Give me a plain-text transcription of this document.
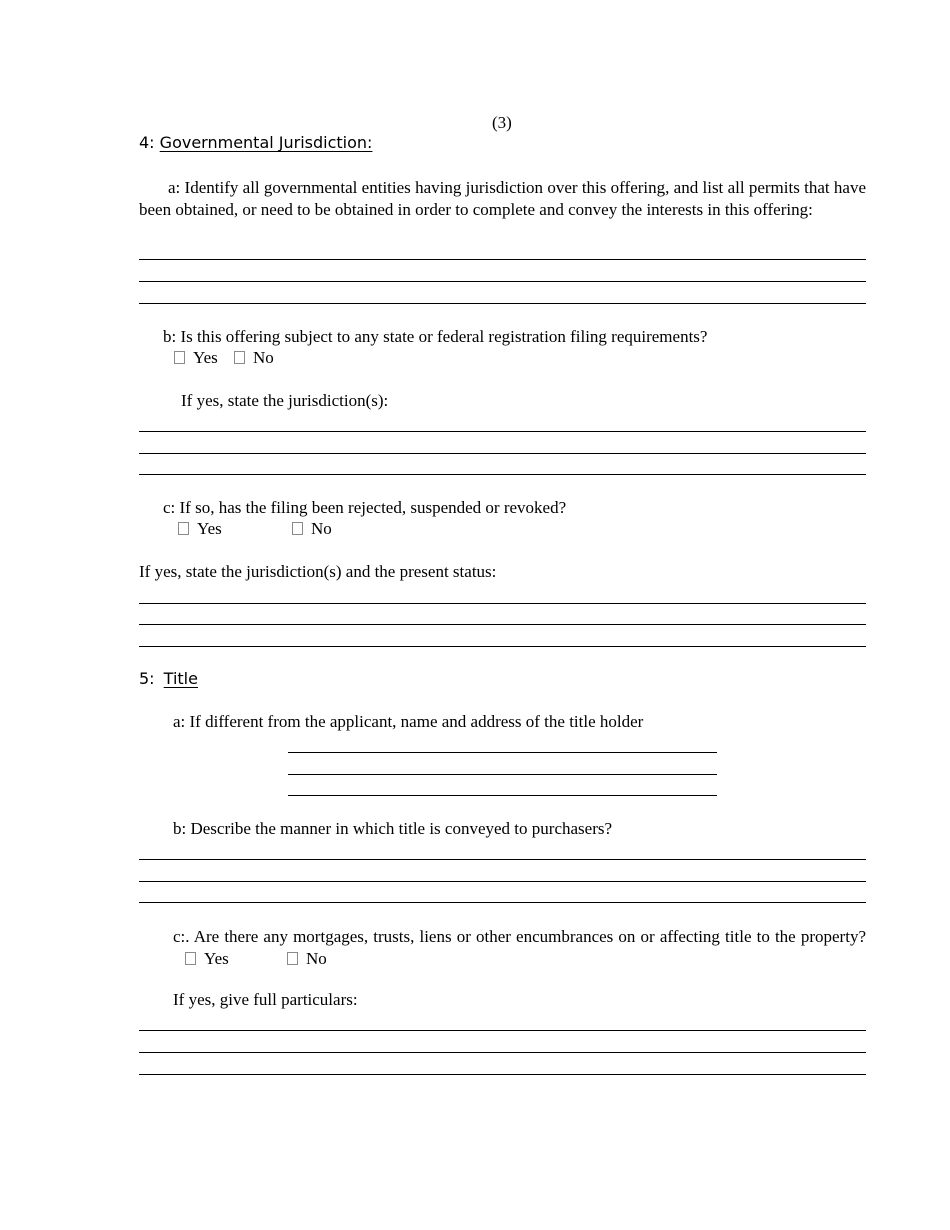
(3)
4: Governmental Jurisdiction:
a: Identify all governmental entities having jurisdiction over this offering, and list all permits that have been obtained, or need to be obtained in order to complete and convey the interests in this offering:
b: Is this offering subject to any state or federal registration filing requirements?
Yes No
If yes, state the jurisdiction(s):
c: If so, has the filing been rejected, suspended or revoked?
Yes	No
If yes, state the jurisdiction(s) and the present status:
5: Title
a: If different from the applicant, name and address of the title holder
b: Describe the manner in which title is conveyed to purchasers?
c:. Are there any mortgages, trusts, liens or other encumbrances on or affecting title to the property? Yes	No
If yes, give full particulars:
